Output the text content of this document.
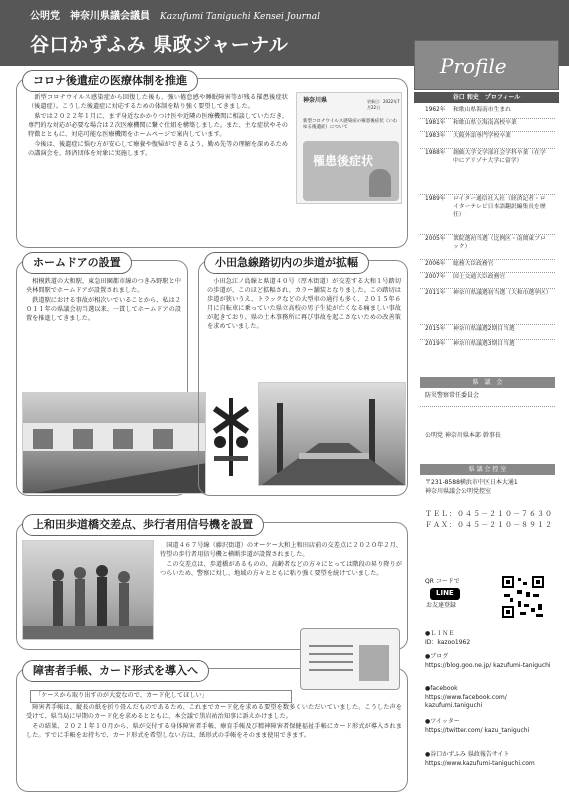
公明党　神奈川県議会議員 Kazufumi Taniguchi Kensei Journal
谷口かずふみ 県政ジャーナル
Profile
谷口 和史　プロフィール
1962年 和歌山県海南市生まれ
1981年 和歌山県立海南高校卒業
1983年 大阪外語専門学校卒業
1988年 創価大学文学部社会学科卒業（在学中にアリゾナ大学に留学）
1989年 ロイター通信社入社（経済記者・ロイターテレビ日本語翻訳編集長を歴任）
2005年 衆院選初当選（比例区・南関東ブロック）
2006年 総務大臣政務官
2007年 国土交通大臣政務官
2011年 神奈川県議選初当選（大和市選挙区）
2015年 神奈川県議選2期目当選
2019年 神奈川県議選3期目当選
県　議　会
防災警察常任委員会
公明党 神奈川県本部 幹事長
県 議 会 控 室
〒231-8588横浜市中区日本大通1
神奈川県議会公明党控室
ＴＥＬ：０４５－２１０－７６３０
ＦＡＸ：０４５－２１０－８９１２
QR コードで
LINE
お友達登録
●ＬＩＮＥ
ID：kazoo1962
●ブログ
https://blog.goo.ne.jp/ kazufumi-taniguchi
●facebook
https://www.facebook.com/ kazufumi.taniguchi
●ツイッター
https://twitter.com/ kazu_taniguchi
●谷口かずふみ 県政報告サイト
https://www.kazufumi-taniguchi.com
コロナ後遺症の医療体制を推進

新型コロナウイルス感染症から回復した後も、強い倦怠感や睡眠障害等が残る罹患後症状（後遺症）。こうした後遺症に対応するための体制を粘り強く要望してきました。

県では２０２２年１月に、まず身近なかかりつけ医や近隣の医療機関に相談していただき、専門的な対応が必要な場合は２次医療機関に繋ぐ仕組を構築しました。また、主な症状やその特徴とともに、対応可能な医療機関をホームページで案内しています。

今後は、後遺症に悩む方が安心して療養や復帰ができるよう、勤め先等の理解を深めるための講演会を、経済団体を対象に実施します。

神奈川県	更新日：2022年7月22日
新型コロナウイルス感染症の罹患後症状（いわゆる後遺症）について
罹患後症状
ホームドアの設置

相模鉄道の大和駅、東急田園都市線のつきみ野駅と中央林間駅でホームドアが設置されました。

鉄道駅における事故が相次いでいることから、私は２０１１年の県議会初当選以来、一貫してホームドアの設置を推進してきました。

小田急線踏切内の歩道が拡幅

小田急江ノ島線と県道４０号（厚木街道）が交差する大和１号踏切の歩道が、このほど拡幅され、カラー舗装となりました。この踏切は歩道が狭いうえ、トラックなどの大型車の通行も多く、２０１５年６月に自転車に乗っていた県立高校の男子生徒が亡くなる痛ましい事故が起きており、県の土木事務所に再び事故を起こさないための改善策を求めていました。

上和田歩道橋交差点、歩行者用信号機を設置

国道４６７号線（藤沢街道）のオーケー大和上和田店前の交差点に２０２０年２月、待望の歩行者用信号機と横断歩道が設置されました。

この交差点は、歩道橋があるものの、高齢者などの方々にとっては階段の昇り降りがつらいため、警察に対し、地域の方々とともに粘り強く要望を続けていました。

障害者手帳、カード形式を導入へ
「ケースから取り出すのが大変なので、カード化してほしい」

障害者手帳は、縦長の紙を折り畳んだものであるため、これまでカード化を求める要望を数多くいただいていました。こうした声を受けて、県当局に早期のカード化を求めるとともに、本会議で黒岩祐治知事に訴えかけました。

その結果、２０２１年１０月から、県が交付する身体障害者手帳、療育手帳及び精神障害者保健福祉手帳にカード形式が導入されました。すでに手帳をお持ちで、カード形式を希望しない方は、紙形式の手帳をそのまま使用できます。
